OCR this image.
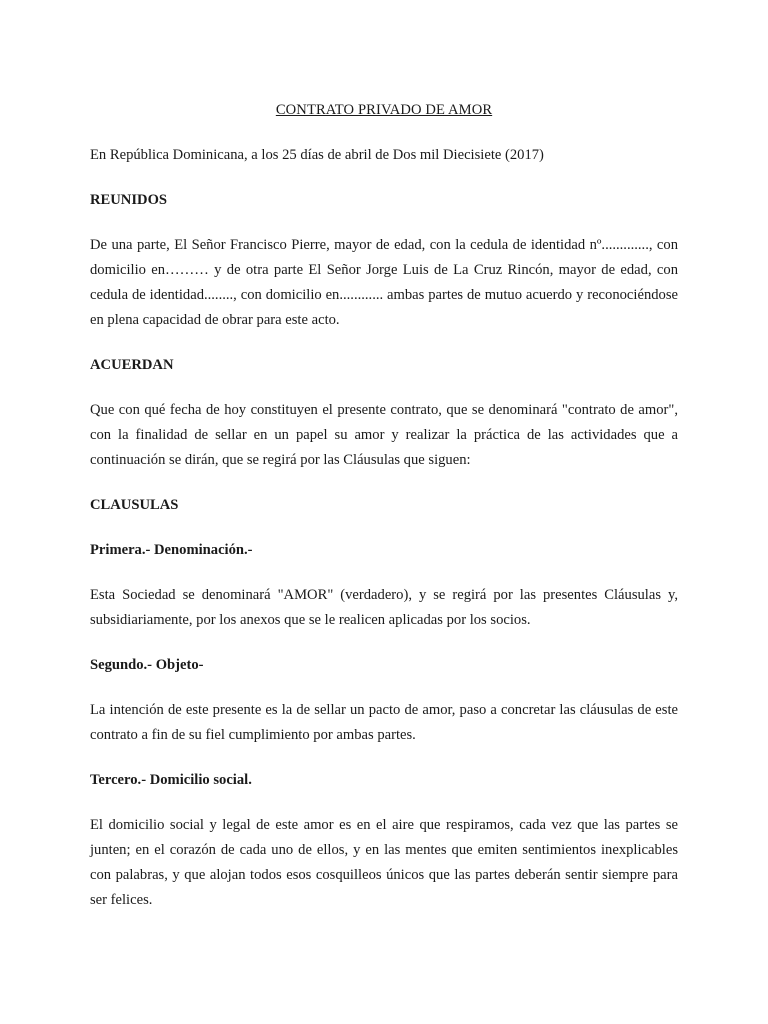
CONTRATO PRIVADO DE AMOR
En República Dominicana, a los 25 días de abril de Dos mil Diecisiete (2017)
REUNIDOS
De una parte, El Señor Francisco Pierre, mayor de edad, con la cedula de identidad nº............., con domicilio en……… y de otra parte El Señor Jorge Luis de La Cruz Rincón, mayor de edad, con cedula de identidad........, con domicilio en............ ambas partes de mutuo acuerdo y reconociéndose en plena capacidad de obrar para este acto.
ACUERDAN
Que con qué fecha de hoy constituyen el presente contrato, que se denominará "contrato de amor", con la finalidad de sellar en un papel su amor y realizar la práctica de las actividades que a continuación se dirán, que se regirá por las Cláusulas que siguen:
CLAUSULAS
Primera.- Denominación.-
Esta Sociedad se denominará "AMOR" (verdadero), y se regirá por las presentes Cláusulas y, subsidiariamente, por los anexos que se le realicen aplicadas por los socios.
Segundo.- Objeto-
La intención de este presente es la de sellar un pacto de amor, paso a concretar las cláusulas de este contrato a fin de su fiel cumplimiento por ambas partes.
Tercero.- Domicilio social.
El domicilio social y legal de este amor es en el aire que respiramos, cada vez que las partes se junten; en el corazón de cada uno de ellos, y en las mentes que emiten sentimientos inexplicables con palabras, y que alojan todos esos cosquilleos únicos que las partes deberán sentir siempre para ser felices.
